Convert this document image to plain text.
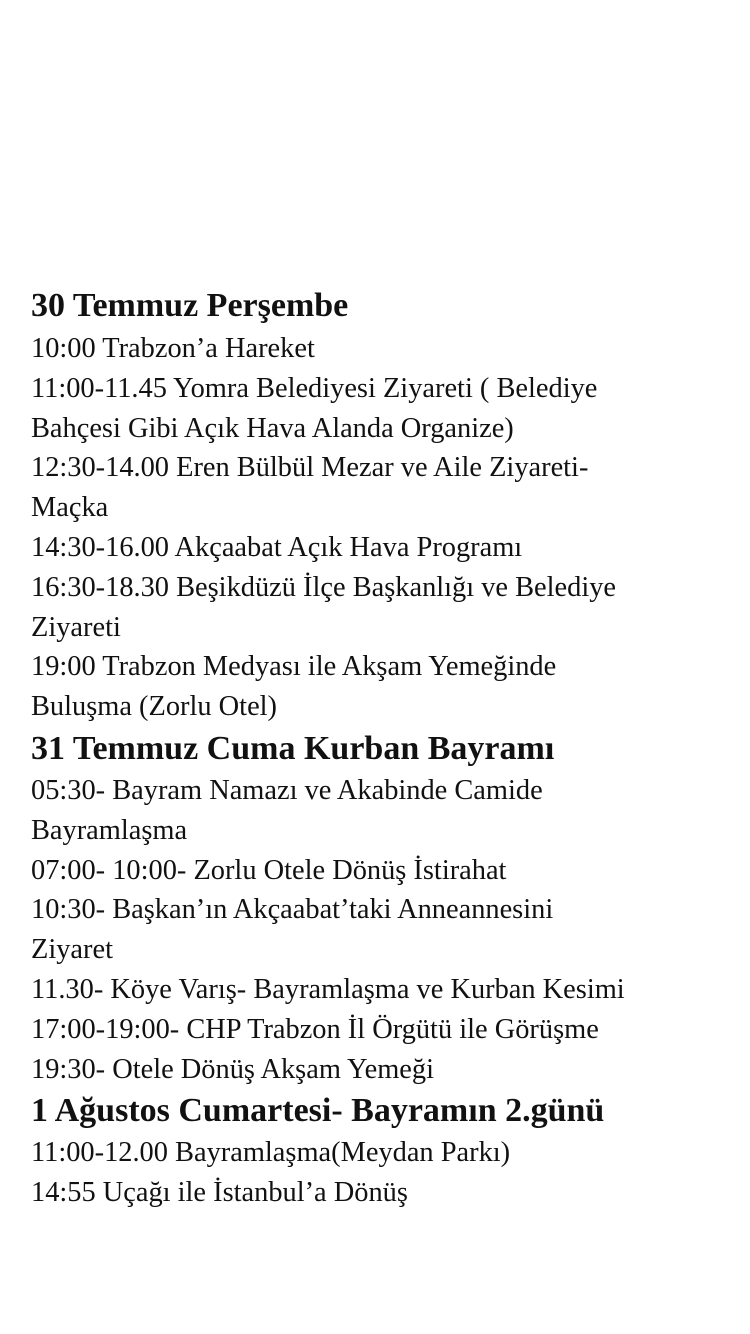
30 Temmuz Perşembe
10:00 Trabzon’a Hareket
11:00-11.45 Yomra Belediyesi Ziyareti ( Belediye
Bahçesi Gibi Açık Hava Alanda Organize)
12:30-14.00 Eren Bülbül Mezar ve Aile Ziyareti-
Maçka
14:30-16.00 Akçaabat Açık Hava Programı
16:30-18.30 Beşikdüzü İlçe Başkanlığı ve Belediye
Ziyareti
19:00 Trabzon Medyası ile Akşam Yemeğinde
Buluşma (Zorlu Otel)
31 Temmuz Cuma Kurban Bayramı
05:30- Bayram Namazı ve Akabinde Camide
Bayramlaşma
07:00- 10:00- Zorlu Otele Dönüş İstirahat
10:30- Başkan’ın Akçaabat’taki Anneannesini
Ziyaret
11.30- Köye Varış- Bayramlaşma ve Kurban Kesimi
17:00-19:00- CHP Trabzon İl Örgütü ile Görüşme
19:30- Otele Dönüş Akşam Yemeği
1 Ağustos Cumartesi- Bayramın 2.günü
11:00-12.00 Bayramlaşma(Meydan Parkı)
14:55 Uçağı ile İstanbul’a Dönüş
